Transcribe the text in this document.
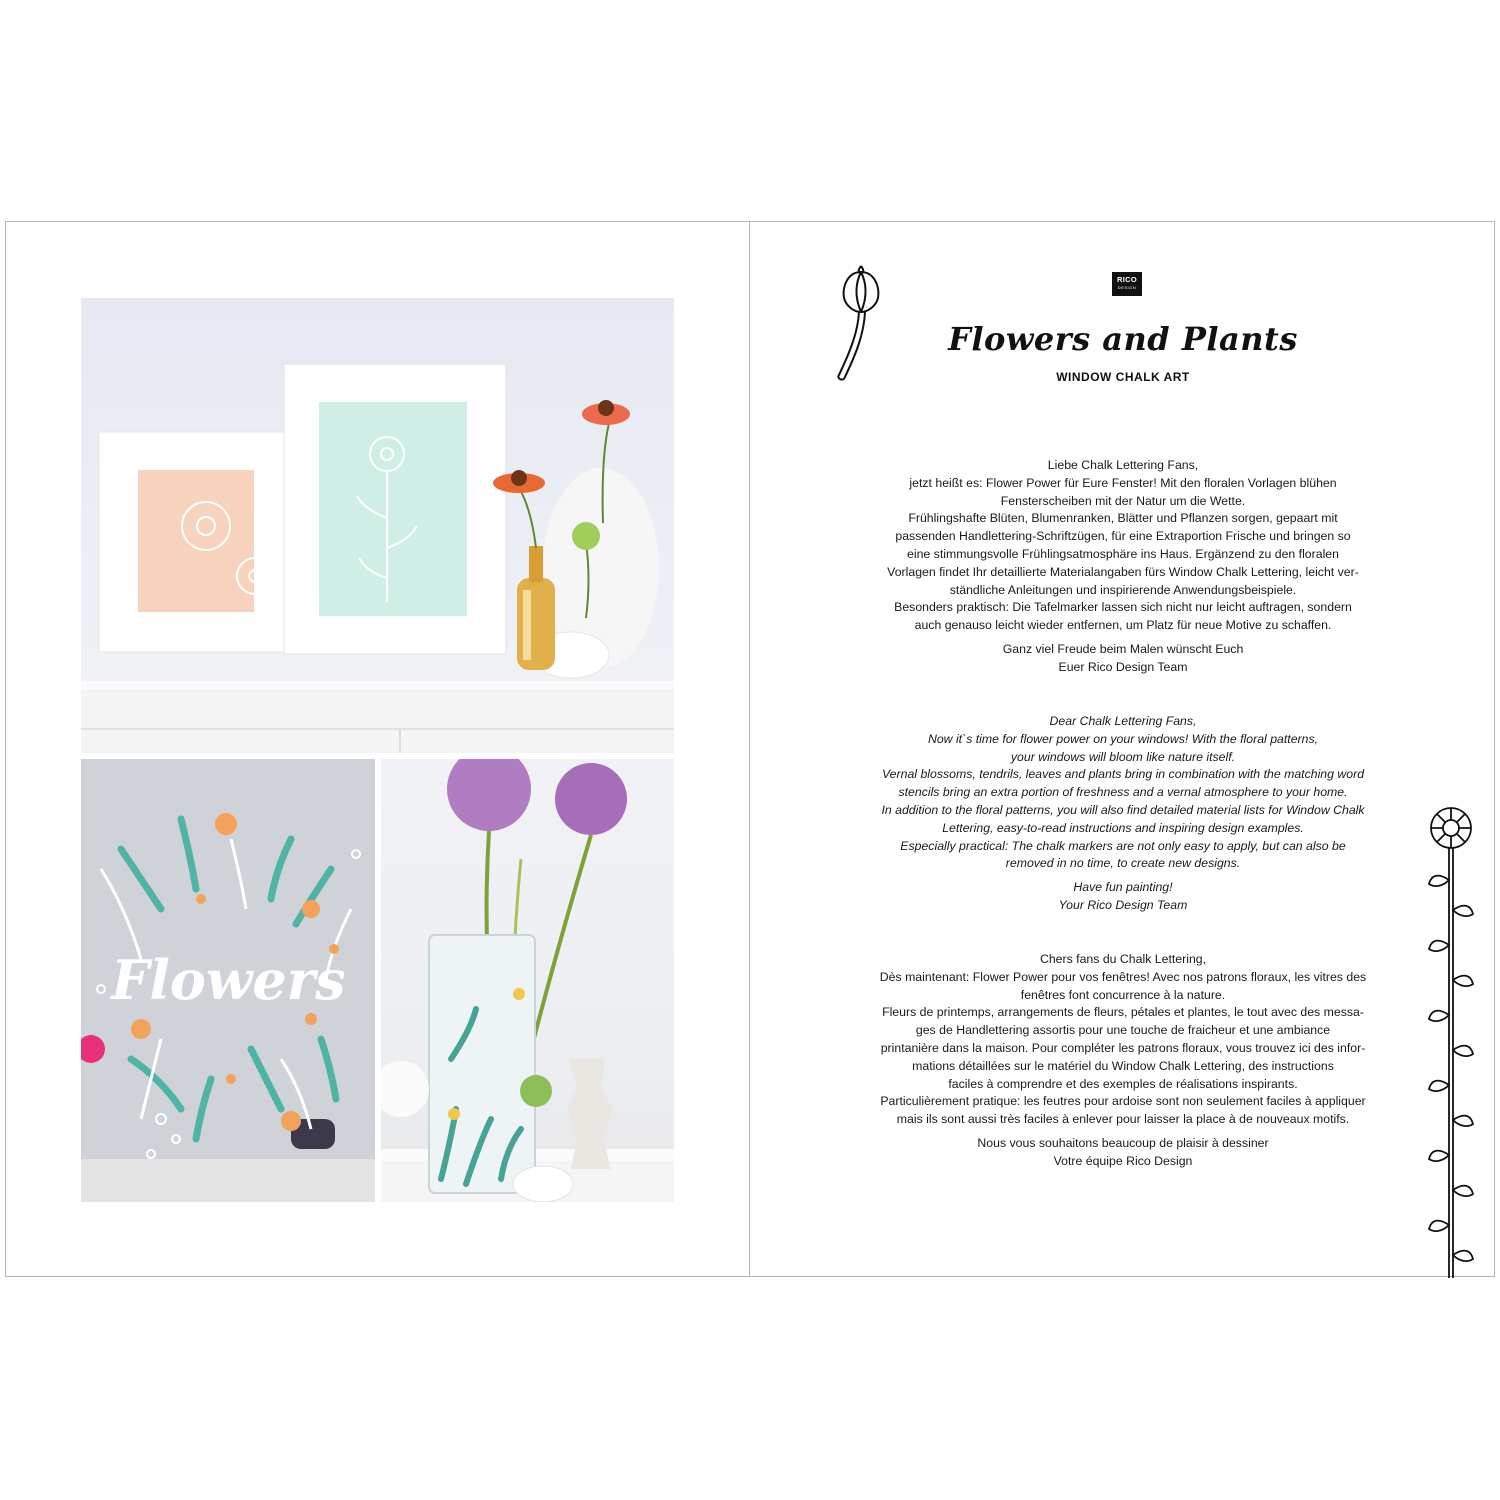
Flowers
RICO
DESIGN
Flowers and Plants
WINDOW CHALK ART

Liebe Chalk Lettering Fans,

jetzt heißt es: Flower Power für Eure Fenster! Mit den floralen Vorlagen blühen

Fensterscheiben mit der Natur um die Wette.

Frühlingshafte Blüten, Blumenranken, Blätter und Pflanzen sorgen, gepaart mit

passenden Handlettering-Schriftzügen, für eine Extraportion Frische und bringen so

eine stimmungsvolle Frühlingsatmosphäre ins Haus. Ergänzend zu den floralen

Vorlagen findet Ihr detaillierte Materialangaben fürs Window Chalk Lettering, leicht ver-

ständliche Anleitungen und inspirierende Anwendungsbeispiele.

Besonders praktisch: Die Tafelmarker lassen sich nicht nur leicht auftragen, sondern

auch genauso leicht wieder entfernen, um Platz für neue Motive zu schaffen.

Ganz viel Freude beim Malen wünscht Euch

Euer Rico Design Team

Dear Chalk Lettering Fans,

Now it`s time for flower power on your windows! With the floral patterns,

your windows will bloom like nature itself.

Vernal blossoms, tendrils, leaves and plants bring in combination with the matching word

stencils bring an extra portion of freshness and a vernal atmosphere to your home.

In addition to the floral patterns, you will also find detailed material lists for Window Chalk

Lettering, easy-to-read instructions and inspiring design examples.

Especially practical: The chalk markers are not only easy to apply, but can also be

removed in no time, to create new designs.

Have fun painting!

Your Rico Design Team

Chers fans du Chalk Lettering,

Dès maintenant: Flower Power pour vos fenêtres! Avec nos patrons floraux, les vitres des

fenêtres font concurrence à la nature.

Fleurs de printemps, arrangements de fleurs, pétales et plantes, le tout avec des messa-

ges de Handlettering assortis pour une touche de fraicheur et une ambiance

printanière dans la maison. Pour compléter les patrons floraux, vous trouvez ici des infor-

mations détaillées sur le matériel du Window Chalk Lettering, des instructions

faciles à comprendre et des exemples de réalisations inspirants.

Particulièrement pratique: les feutres pour ardoise sont non seulement faciles à appliquer

mais ils sont aussi très faciles à enlever pour laisser la place à de nouveaux motifs.

Nous vous souhaitons beaucoup de plaisir à dessiner

Votre équipe Rico Design
